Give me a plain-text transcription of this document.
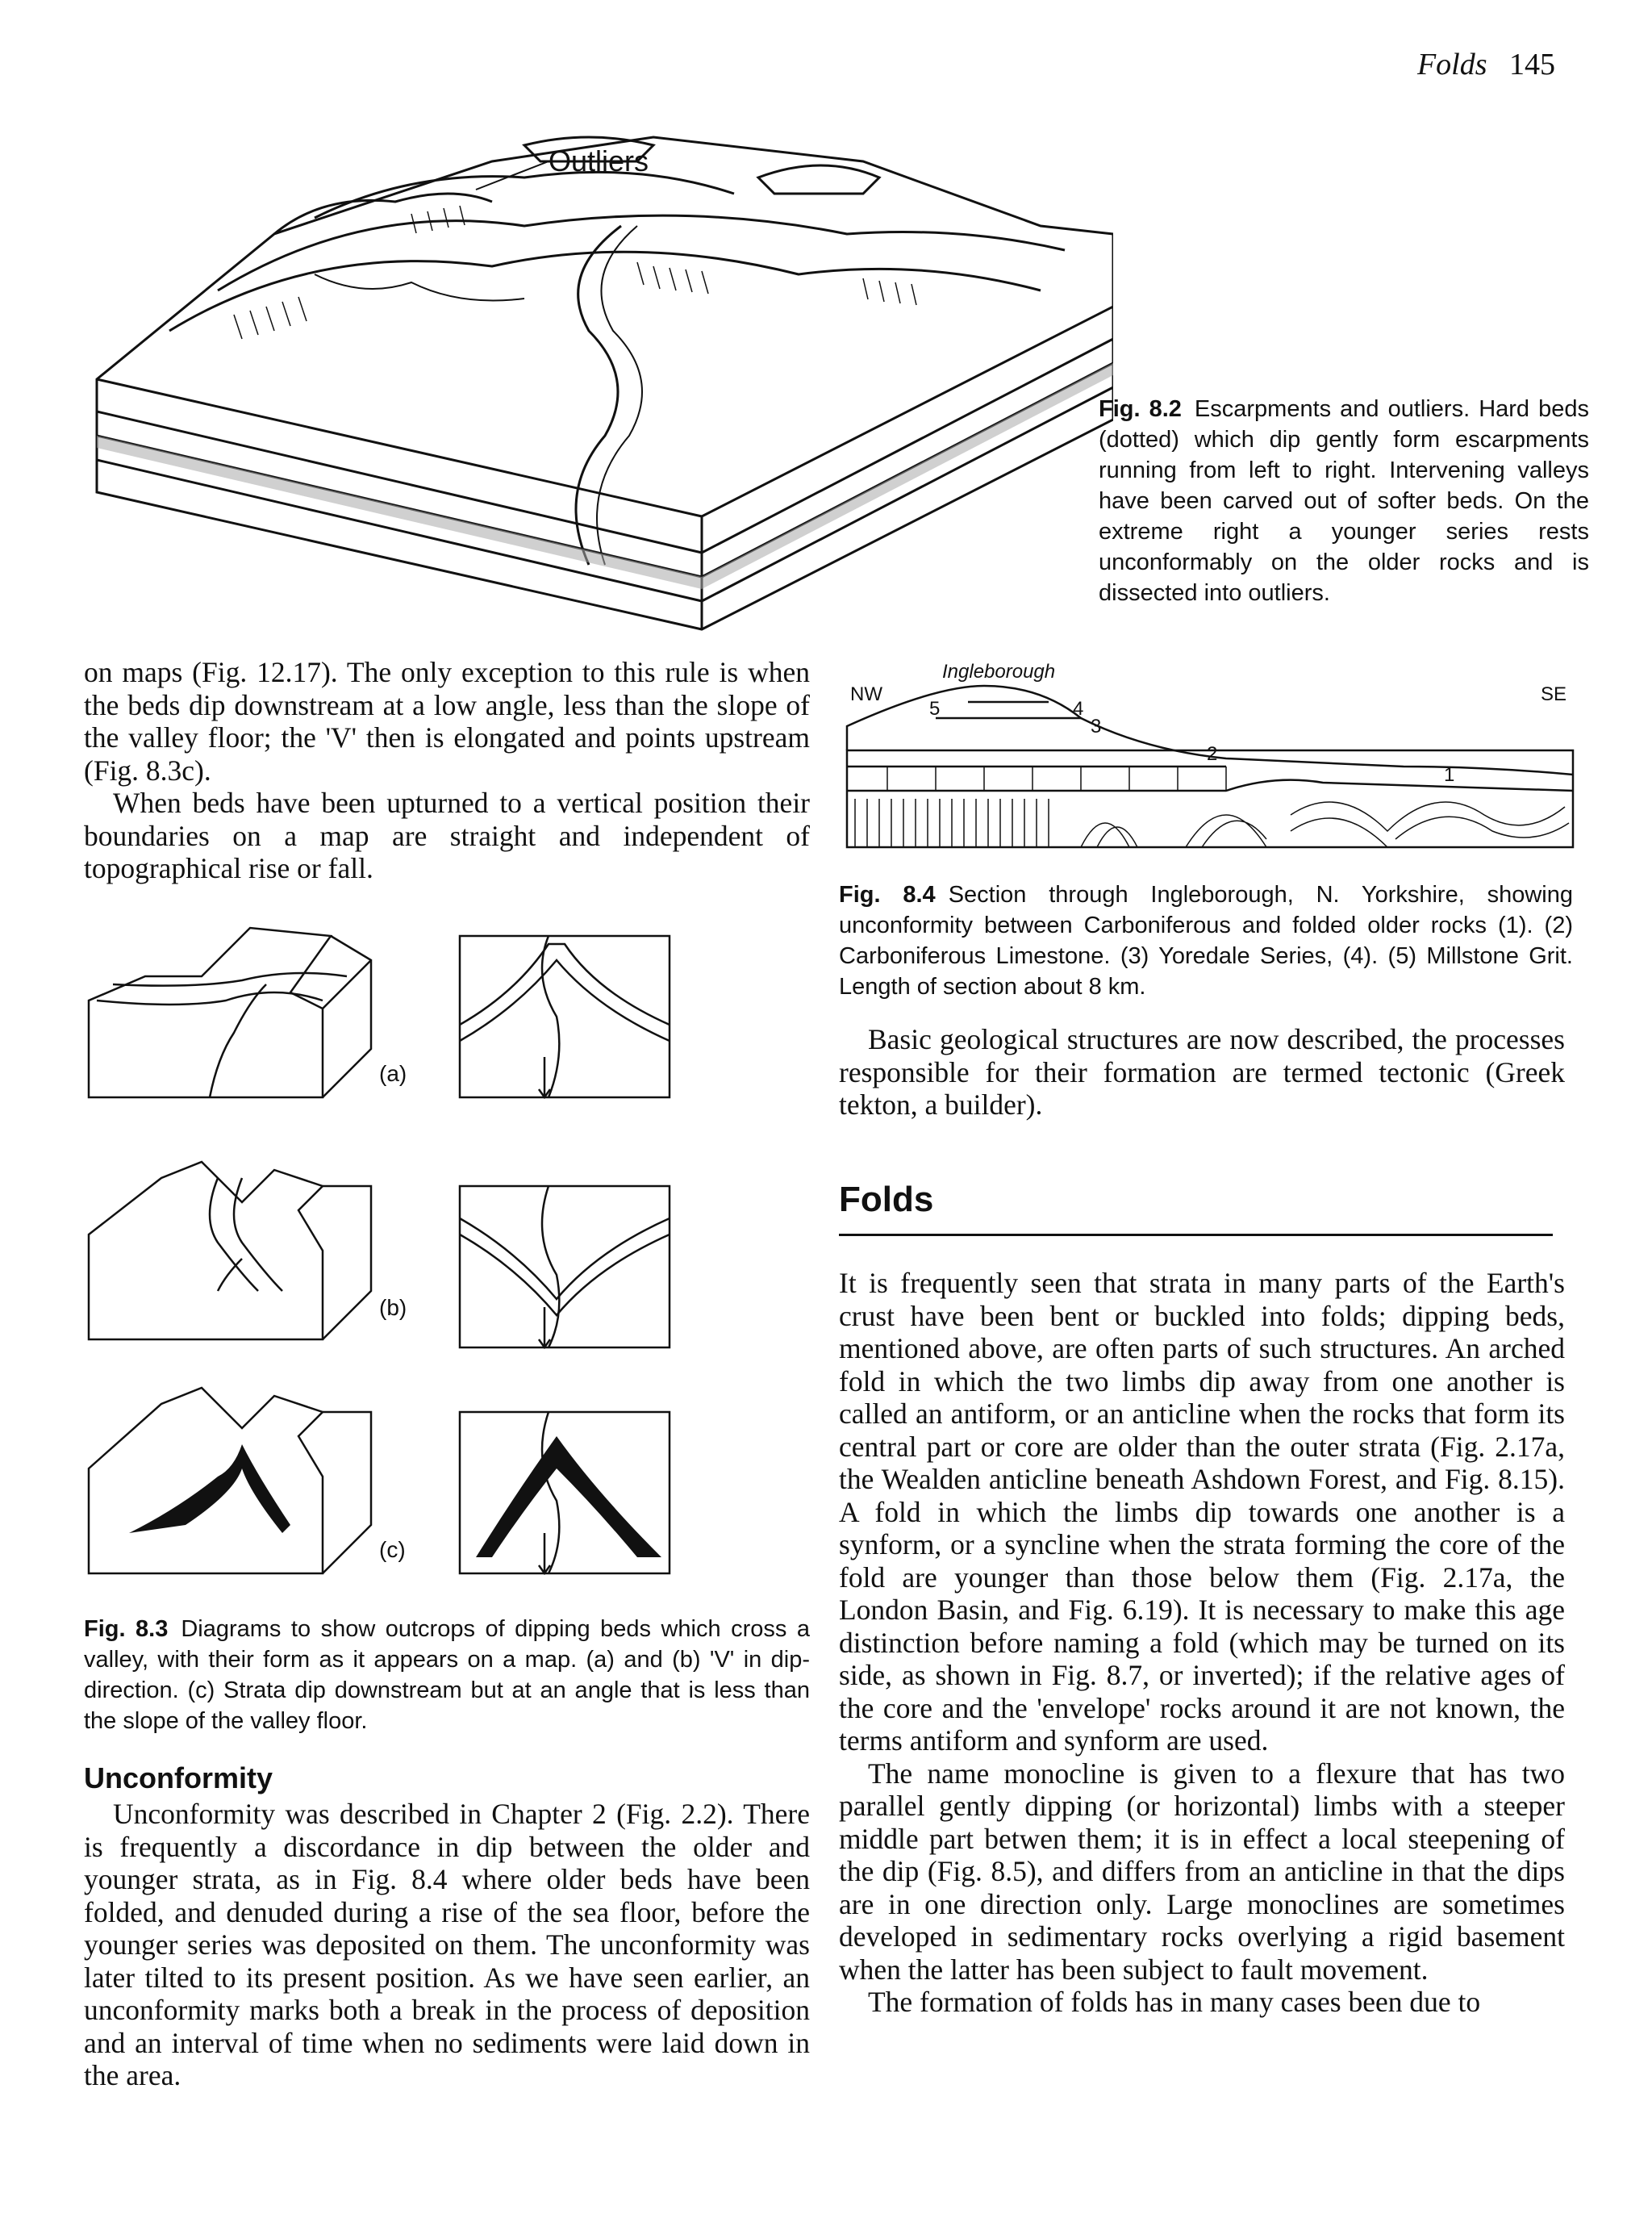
Folds 145
Outliers
Fig. 8.2 Escarpments and outliers. Hard beds (dotted) which dip gently form escarpments running from left to right. Intervening valleys have been carved out of softer beds. On the extreme right a younger series rests unconformably on the older rocks and is dissected into outliers.

on maps (Fig. 12.17). The only exception to this rule is when the beds dip downstream at a low angle, less than the slope of the valley floor; the 'V' then is elongated and points upstream (Fig. 8.3c).

When beds have been upturned to a vertical position their boundaries on a map are straight and independent of topographical rise or fall.

NW	SE
Ingleborough
5	4
3
2
1
Fig. 8.4 Section through Ingleborough, N. Yorkshire, showing unconformity between Carboniferous and folded older rocks (1). (2) Carboniferous Limestone. (3) Yoredale Series, (4). (5) Millstone Grit. Length of section about 8 km.
(a)
(b)
(c)
Fig. 8.3 Diagrams to show outcrops of dipping beds which cross a valley, with their form as it appears on a map. (a) and (b) 'V' in dip-direction. (c) Strata dip downstream but at an angle that is less than the slope of the valley floor.
Unconformity

Unconformity was described in Chapter 2 (Fig. 2.2). There is frequently a discordance in dip between the older and younger strata, as in Fig. 8.4 where older beds have been folded, and denuded during a rise of the sea floor, before the younger series was deposited on them. The unconformity was later tilted to its present position. As we have seen earlier, an unconformity marks both a break in the process of deposition and an interval of time when no sediments were laid down in the area.

Basic geological structures are now described, the processes responsible for their formation are termed tectonic (Greek tekton, a builder).

Folds

It is frequently seen that strata in many parts of the Earth's crust have been bent or buckled into folds; dipping beds, mentioned above, are often parts of such structures. An arched fold in which the two limbs dip away from one another is called an antiform, or an anticline when the rocks that form its central part or core are older than the outer strata (Fig. 2.17a, the Wealden anticline beneath Ashdown Forest, and Fig. 8.15). A fold in which the limbs dip towards one another is a synform, or a syncline when the strata forming the core of the fold are younger than those below them (Fig. 2.17a, the London Basin, and Fig. 6.19). It is necessary to make this age distinction before naming a fold (which may be turned on its side, as shown in Fig. 8.7, or inverted); if the relative ages of the core and the 'envelope' rocks around it are not known, the terms antiform and synform are used.

The name monocline is given to a flexure that has two parallel gently dipping (or horizontal) limbs with a steeper middle part betwen them; it is in effect a local steepening of the dip (Fig. 8.5), and differs from an anticline in that the dips are in one direction only. Large monoclines are sometimes developed in sedimentary rocks overlying a rigid basement when the latter has been subject to fault movement.

The formation of folds has in many cases been due to
